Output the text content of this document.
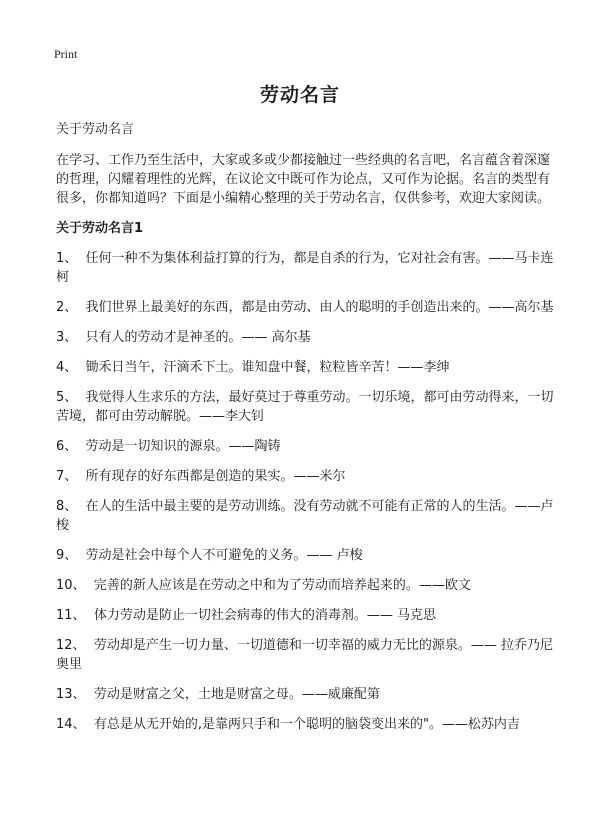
Print
劳动名言

关于劳动名言

在学习、工作乃至生活中，大家或多或少都接触过一些经典的名言吧，名言蕴含着深邃的哲理，闪耀着理性的光辉，在议论文中既可作为论点，又可作为论据。名言的类型有很多，你都知道吗？下面是小编精心整理的关于劳动名言，仅供参考，欢迎大家阅读。

关于劳动名言1

1、 任何一种不为集体利益打算的行为，都是自杀的行为，它对社会有害。——马卡连柯
2、 我们世界上最美好的东西，都是由劳动、由人的聪明的手创造出来的。——高尔基
3、 只有人的劳动才是神圣的。—— 高尔基
4、 锄禾日当午，汗滴禾下土。谁知盘中餐，粒粒皆辛苦！——李绅
5、 我觉得人生求乐的方法，最好莫过于尊重劳动。一切乐境，都可由劳动得来，一切苦境，都可由劳动解脱。——李大钊
6、 劳动是一切知识的源泉。——陶铸
7、 所有现存的好东西都是创造的果实。——米尔
8、 在人的生活中最主要的是劳动训练。没有劳动就不可能有正常的人的生活。——卢梭
9、 劳动是社会中每个人不可避免的义务。—— 卢梭
10、 完善的新人应该是在劳动之中和为了劳动而培养起来的。——欧文
11、 体力劳动是防止一切社会病毒的伟大的消毒剂。—— 马克思
12、 劳动却是产生一切力量、一切道德和一切幸福的威力无比的源泉。—— 拉乔乃尼奥里
13、 劳动是财富之父，土地是财富之母。——威廉配第
14、 有总是从无开始的,是靠两只手和一个聪明的脑袋变出来的"。——松苏内吉
